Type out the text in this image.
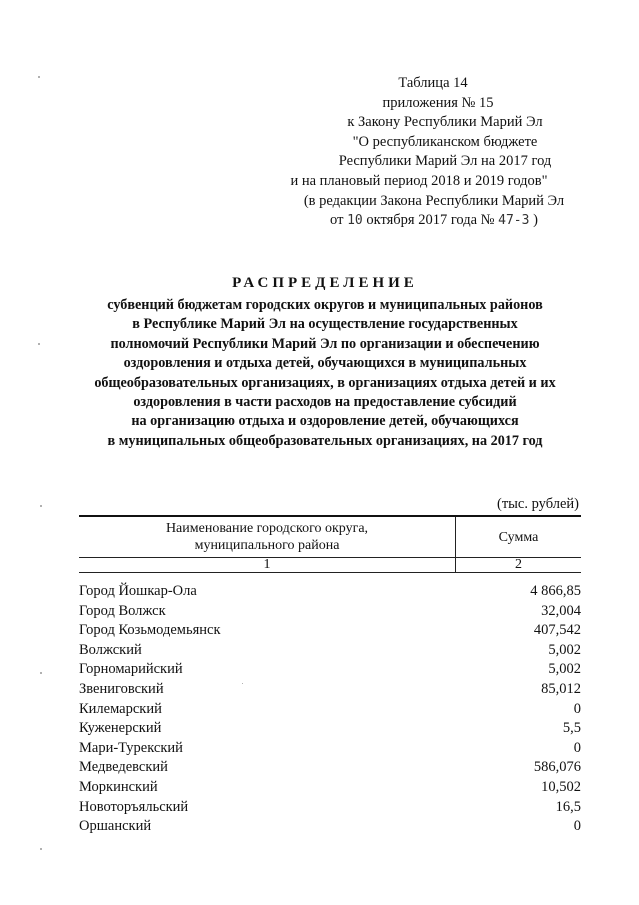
Таблица 14
приложения № 15
к Закону Республики Марий Эл
"О республиканском бюджете
Республики Марий Эл на 2017 год
и на плановый период 2018 и 2019 годов"
(в редакции Закона Республики Марий Эл
от 10 октября 2017 года № 47-З )
РАСПРЕДЕЛЕНИЕ
субвенций бюджетам городских округов и муниципальных районов
в Республике Марий Эл на осуществление государственных
полномочий Республики Марий Эл по организации и обеспечению
оздоровления и отдыха детей, обучающихся в муниципальных
общеобразовательных организациях, в организациях отдыха детей и их
оздоровления в части расходов на предоставление субсидий
на организацию отдыха и оздоровление детей, обучающихся
в муниципальных общеобразовательных организациях, на 2017 год
(тыс. рублей)
Наименование городского округа,
муниципального района	Сумма
1	2
Город Йошкар-Ола	4 866,85
Город Волжск	32,004
Город Козьмодемьянск	407,542
Волжский	5,002
Горномарийский	5,002
Звениговский	85,012
Килемарский	0
Куженерский	5,5
Мари-Турекский	0
Медведевский	586,076
Моркинский	10,502
Новоторъяльский	16,5
Оршанский	0
